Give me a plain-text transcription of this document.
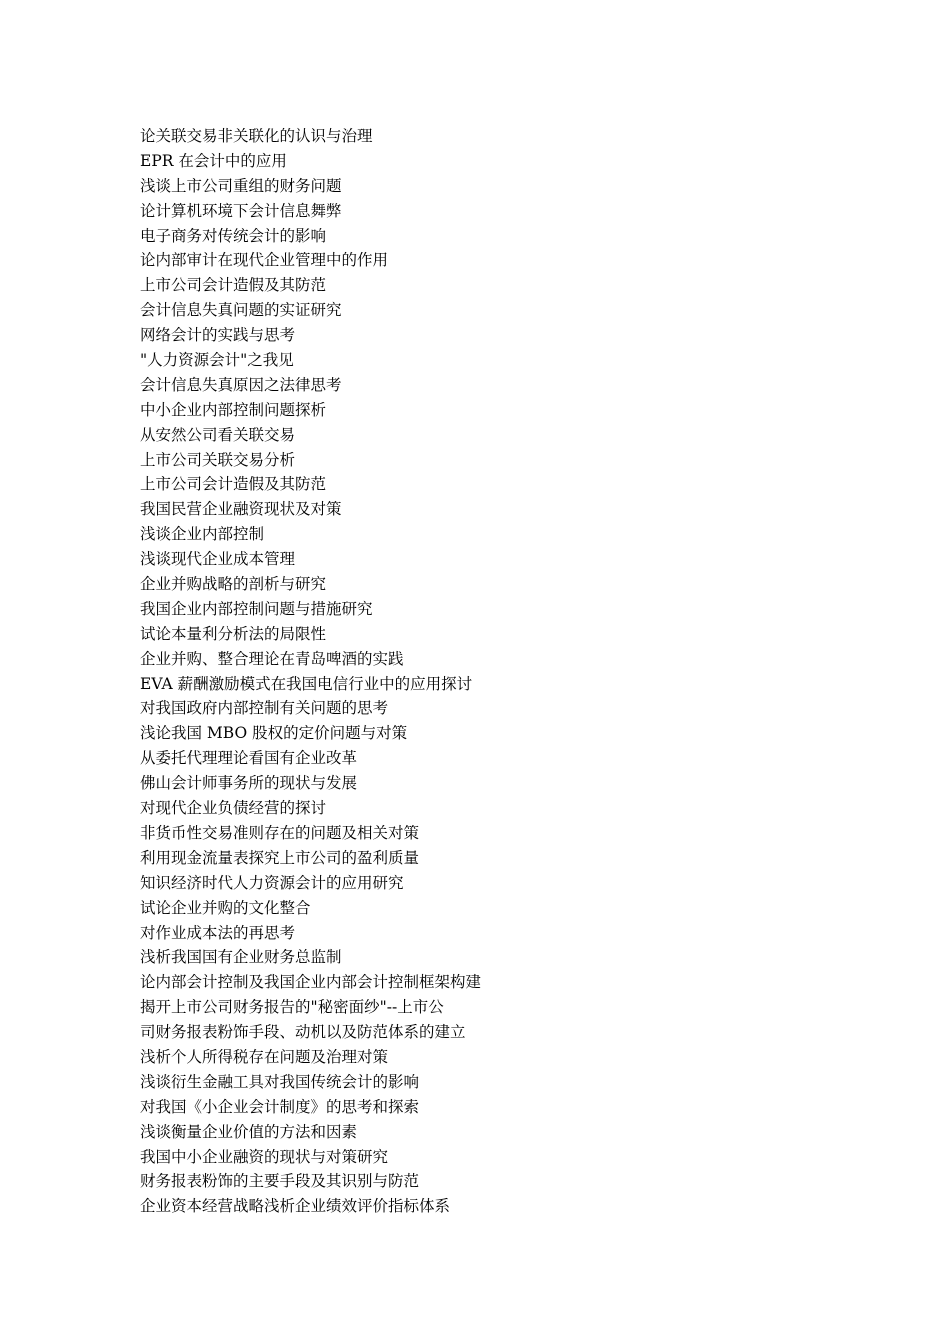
论关联交易非关联化的认识与治理
EPR 在会计中的应用
浅谈上市公司重组的财务问题
论计算机环境下会计信息舞弊
电子商务对传统会计的影响
论内部审计在现代企业管理中的作用
上市公司会计造假及其防范
会计信息失真问题的实证研究
网络会计的实践与思考
"人力资源会计"之我见
会计信息失真原因之法律思考
中小企业内部控制问题探析
从安然公司看关联交易
上市公司关联交易分析
上市公司会计造假及其防范
我国民营企业融资现状及对策
浅谈企业内部控制
浅谈现代企业成本管理
企业并购战略的剖析与研究
我国企业内部控制问题与措施研究
试论本量利分析法的局限性
企业并购、整合理论在青岛啤酒的实践
EVA 薪酬激励模式在我国电信行业中的应用探讨
对我国政府内部控制有关问题的思考
浅论我国 MBO 股权的定价问题与对策
从委托代理理论看国有企业改革
佛山会计师事务所的现状与发展
对现代企业负债经营的探讨
非货币性交易准则存在的问题及相关对策
利用现金流量表探究上市公司的盈利质量
知识经济时代人力资源会计的应用研究
试论企业并购的文化整合
对作业成本法的再思考
浅析我国国有企业财务总监制
论内部会计控制及我国企业内部会计控制框架构建
揭开上市公司财务报告的"秘密面纱"--上市公
司财务报表粉饰手段、动机以及防范体系的建立
浅析个人所得税存在问题及治理对策
浅谈衍生金融工具对我国传统会计的影响
对我国《小企业会计制度》的思考和探索
浅谈衡量企业价值的方法和因素
我国中小企业融资的现状与对策研究
财务报表粉饰的主要手段及其识别与防范
企业资本经营战略浅析企业绩效评价指标体系
